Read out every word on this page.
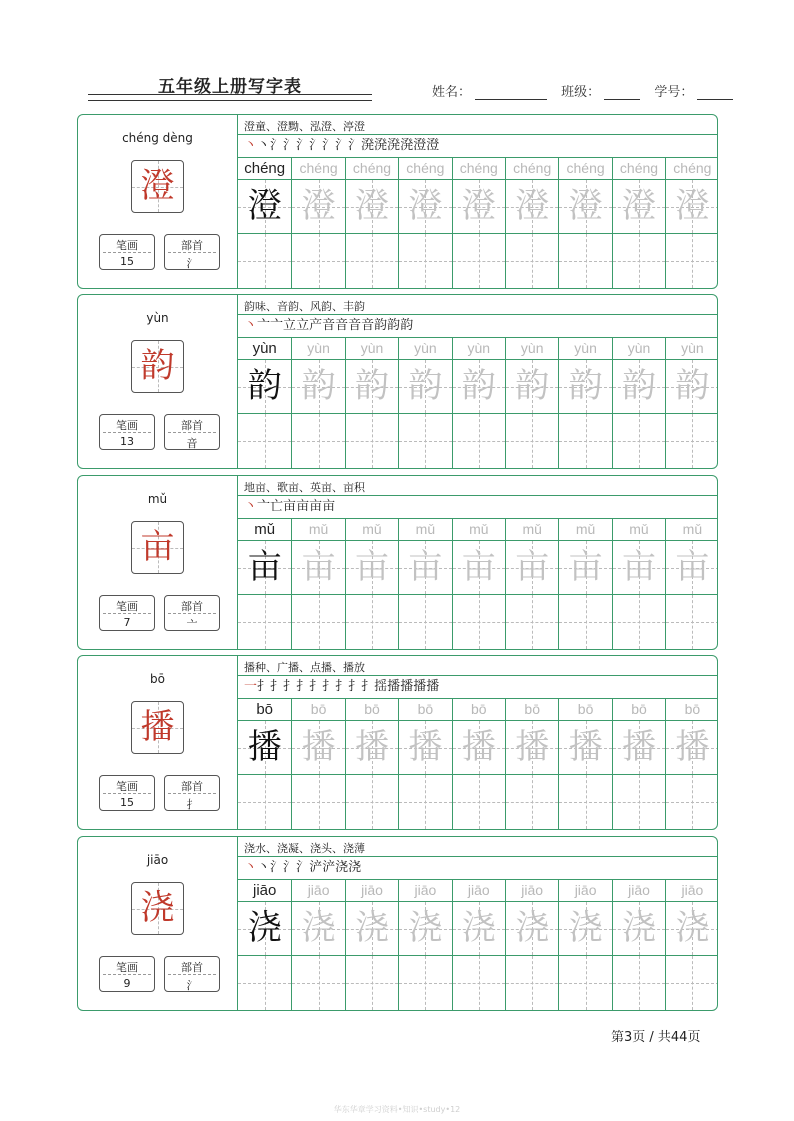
五年级上册写字表	姓名：	班级：	学号：
chéng dèng
澄
笔画
15
部首
氵
澄童、澄黝、泓澄、渟澄
丶丶氵氵氵氵氵氵氵溌溌溌溌澄澄
chéng
澄
chéng
澄
chéng
澄
chéng
澄
chéng
澄
chéng
澄
chéng
澄
chéng
澄
chéng
澄
yùn
韵
笔画
13
部首
音
韵味、音韵、风韵、丰韵
丶亠亠立立产音音音音韵韵韵
yùn
韵
yùn
韵
yùn
韵
yùn
韵
yùn
韵
yùn
韵
yùn
韵
yùn
韵
yùn
韵
mǔ
亩
笔画
7
部首
亠
地亩、歌亩、英亩、亩积
丶亠亡亩亩亩亩
mǔ
亩
mǔ
亩
mǔ
亩
mǔ
亩
mǔ
亩
mǔ
亩
mǔ
亩
mǔ
亩
mǔ
亩
bō
播
笔画
15
部首
扌
播种、广播、点播、播放
一扌扌扌扌扌扌扌扌扌揺播播播播
bō
播
bō
播
bō
播
bō
播
bō
播
bō
播
bō
播
bō
播
bō
播
jiāo
浇
笔画
9
部首
氵
浇水、浇凝、浇头、浇薄
丶丶氵氵氵浐浐浇浇
jiāo
浇
jiāo
浇
jiāo
浇
jiāo
浇
jiāo
浇
jiāo
浇
jiāo
浇
jiāo
浇
jiāo
浇
第3页 / 共44页
华东华章学习资料•知识•study•12
